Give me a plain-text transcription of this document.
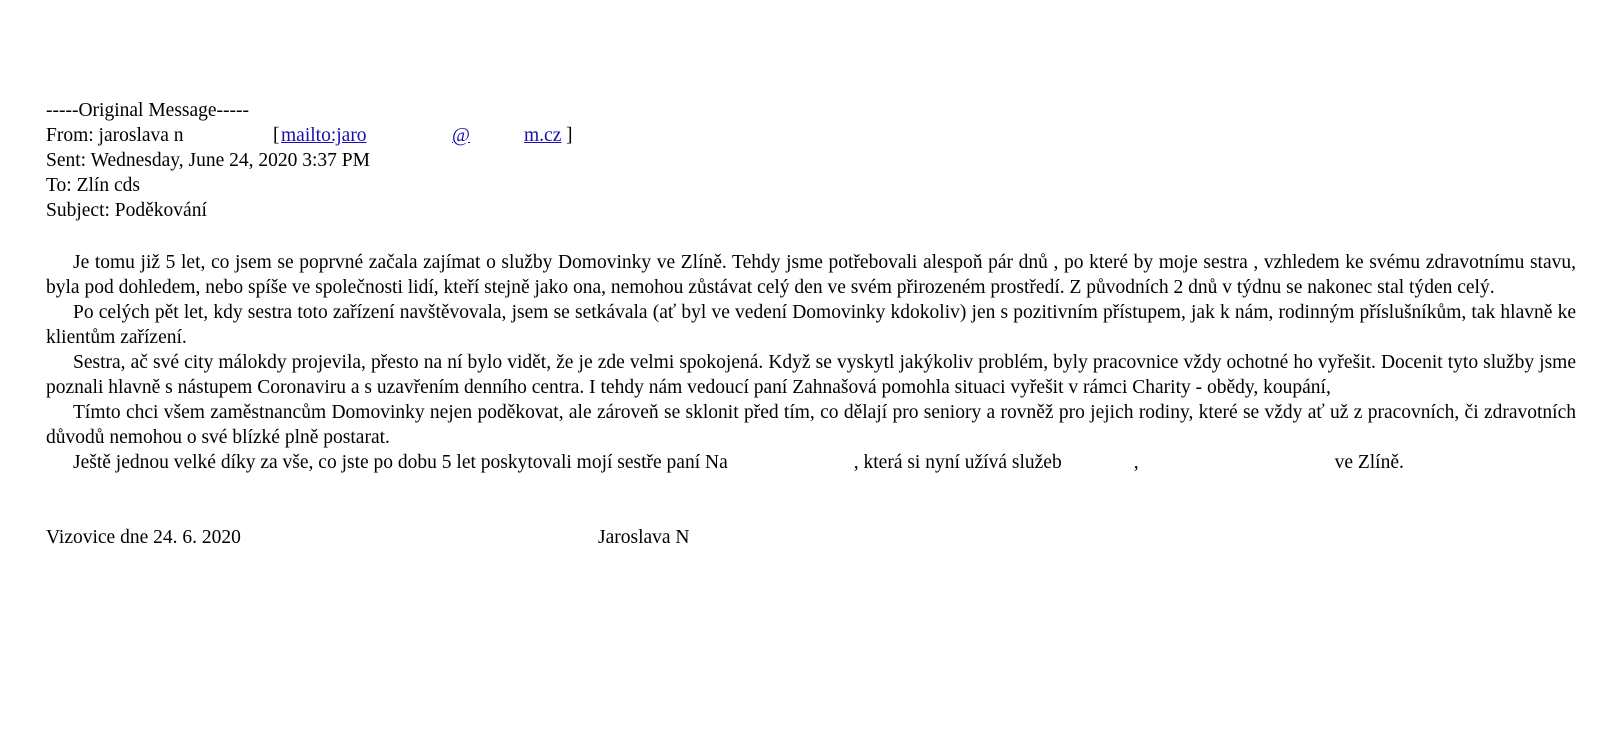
-----Original Message-----
From: jaroslava n	[ mailto:jaro	@	m.cz ]
Sent: Wednesday, June 24, 2020 3:37 PM
To: Zlín cds
Subject: Poděkování
Je tomu již 5 let, co jsem se poprvné začala zajímat o služby Domovinky ve Zlíně. Tehdy jsme potřebovali alespoň pár dnů , po které by moje sestra , vzhledem ke svému zdravotnímu stavu, byla pod dohledem, nebo spíše ve společnosti lidí, kteří stejně jako ona, nemohou zůstávat celý den ve svém přirozeném prostředí. Z původních 2 dnů v týdnu se nakonec stal týden celý.
Po celých pět let, kdy sestra toto zařízení navštěvovala, jsem se setkávala (ať byl ve vedení Domovinky kdokoliv) jen s pozitivním přístupem, jak k nám, rodinným příslušníkům, tak hlavně ke klientům zařízení.
Sestra, ač své city málokdy projevila, přesto na ní bylo vidět, že je zde velmi spokojená. Když se vyskytl jakýkoliv problém, byly pracovnice vždy ochotné ho vyřešit. Docenit tyto služby jsme poznali hlavně s nástupem Coronaviru a s uzavřením denního centra. I tehdy nám vedoucí paní Zahnašová pomohla situaci vyřešit v rámci Charity - obědy, koupání,
Tímto chci všem zaměstnancům Domovinky nejen poděkovat, ale zároveň se sklonit před tím, co dělají pro seniory a rovněž pro jejich rodiny, které se vždy ať už z pracovních, či zdravotních důvodů nemohou o své blízké plně postarat.
Ještě jednou velké díky za vše, co jste po dobu 5 let poskytovali mojí sestře paní Na	, která si nyní užívá služeb	,	ve Zlíně.
Vizovice dne 24. 6. 2020	Jaroslava N
